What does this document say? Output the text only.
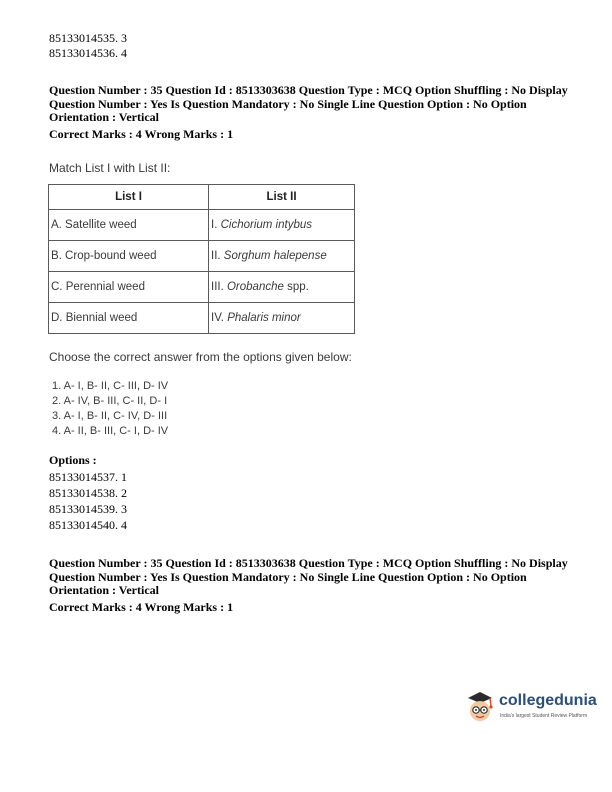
85133014535. 3
85133014536. 4
Question Number : 35 Question Id : 8513303638 Question Type : MCQ Option Shuffling : No Display
Question Number : Yes Is Question Mandatory : No Single Line Question Option : No Option
Orientation : Vertical
Correct Marks : 4 Wrong Marks : 1
Match List I with List II:
List I	List II
A. Satellite weed	I. Cichorium intybus
B. Crop-bound weed	II. Sorghum halepense
C. Perennial weed	III. Orobanche spp.
D. Biennial weed	IV. Phalaris minor
Choose the correct answer from the options given below:
1. A- I, B- II, C- III, D- IV
2. A- IV, B- III, C- II, D- I
3. A- I, B- II, C- IV, D- III
4. A- II, B- III, C- I, D- IV
Options :
85133014537. 1
85133014538. 2
85133014539. 3
85133014540. 4
Question Number : 35 Question Id : 8513303638 Question Type : MCQ Option Shuffling : No Display
Question Number : Yes Is Question Mandatory : No Single Line Question Option : No Option
Orientation : Vertical
Correct Marks : 4 Wrong Marks : 1
collegedunia
India's largest Student Review Platform
